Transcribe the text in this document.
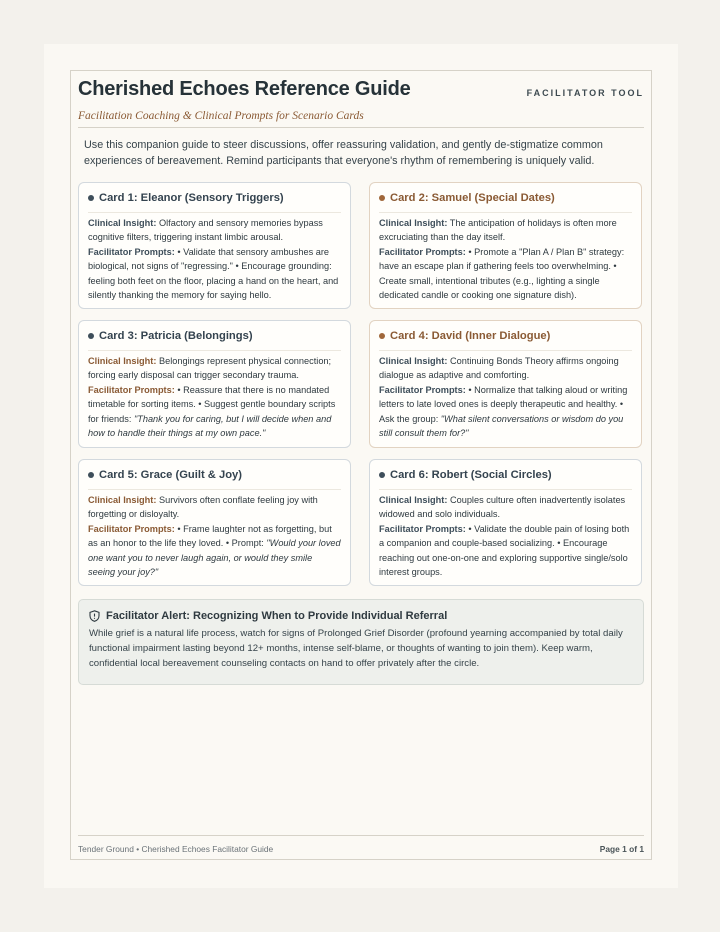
Cherished Echoes Reference Guide
Facilitation Coaching & Clinical Prompts for Scenario Cards
FACILITATOR TOOL
Use this companion guide to steer discussions, offer reassuring validation, and gently de-stigmatize common experiences of bereavement. Remind participants that everyone's rhythm of remembering is uniquely valid.
Card 1: Eleanor (Sensory Triggers)
Clinical Insight: Olfactory and sensory memories bypass cognitive filters, triggering instant limbic arousal.
Facilitator Prompts: • Validate that sensory ambushes are biological, not signs of "regressing." • Encourage grounding: feeling both feet on the floor, placing a hand on the heart, and silently thanking the memory for saying hello.
Card 2: Samuel (Special Dates)
Clinical Insight: The anticipation of holidays is often more excruciating than the day itself.
Facilitator Prompts: • Promote a "Plan A / Plan B" strategy: have an escape plan if gathering feels too overwhelming. • Create small, intentional tributes (e.g., lighting a single dedicated candle or cooking one signature dish).
Card 3: Patricia (Belongings)
Clinical Insight: Belongings represent physical connection; forcing early disposal can trigger secondary trauma.
Facilitator Prompts: • Reassure that there is no mandated timetable for sorting items. • Suggest gentle boundary scripts for friends: "Thank you for caring, but I will decide when and how to handle their things at my own pace."
Card 4: David (Inner Dialogue)
Clinical Insight: Continuing Bonds Theory affirms ongoing dialogue as adaptive and comforting.
Facilitator Prompts: • Normalize that talking aloud or writing letters to late loved ones is deeply therapeutic and healthy. • Ask the group: "What silent conversations or wisdom do you still consult them for?"
Card 5: Grace (Guilt & Joy)
Clinical Insight: Survivors often conflate feeling joy with forgetting or disloyalty.
Facilitator Prompts: • Frame laughter not as forgetting, but as an honor to the life they loved. • Prompt: "Would your loved one want you to never laugh again, or would they smile seeing your joy?"
Card 6: Robert (Social Circles)
Clinical Insight: Couples culture often inadvertently isolates widowed and solo individuals.
Facilitator Prompts: • Validate the double pain of losing both a companion and couple-based socializing. • Encourage reaching out one-on-one and exploring supportive single/solo interest groups.
Facilitator Alert: Recognizing When to Provide Individual Referral
While grief is a natural life process, watch for signs of Prolonged Grief Disorder (profound yearning accompanied by total daily functional impairment lasting beyond 12+ months, intense self-blame, or thoughts of wanting to join them). Keep warm, confidential local bereavement counseling contacts on hand to offer privately after the circle.
Tender Ground • Cherished Echoes Facilitator Guide	Page 1 of 1
